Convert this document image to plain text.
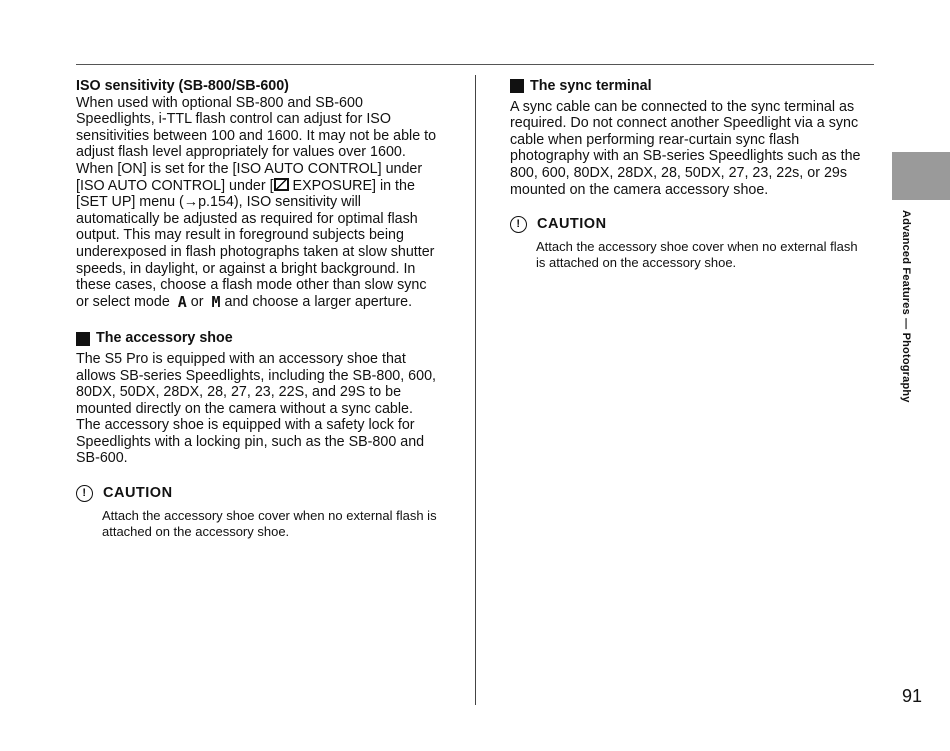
ISO sensitivity (SB-800/SB-600)

When used with optional SB-800 and SB-600 Speedlights, i-TTL flash control can adjust for ISO sensitivities between 100 and 1600. It may not be able to adjust flash level appropriately for values over 1600. When [ON] is set for the [ISO AUTO CONTROL] under [ISO AUTO CONTROL] under [ EXPOSURE] in the [SET UP] menu (→p.154), ISO sensitivity will automatically be adjusted as required for optimal flash output. This may result in foreground subjects being underexposed in flash photographs taken at slow shutter speeds, in daylight, or against a bright background. In these cases, choose a flash mode other than slow sync or select mode A or M and choose a larger aperture.

The accessory shoe

The S5 Pro is equipped with an accessory shoe that allows SB-series Speedlights, including the SB-800, 600, 80DX, 50DX, 28DX, 28, 27, 23, 22S, and 29S to be mounted directly on the camera without a sync cable. The accessory shoe is equipped with a safety lock for Speedlights with a locking pin, such as the SB-800 and SB-600.

!	CAUTION

Attach the accessory shoe cover when no external flash is attached on the accessory shoe.

The sync terminal

A sync cable can be connected to the sync terminal as required. Do not connect another Speedlight via a sync cable when performing rear-curtain sync flash photography with an SB-series Speedlights such as the 800, 600, 80DX, 28DX, 28, 50DX, 27, 23, 22s, or 29s mounted on the camera accessory shoe.

!	CAUTION

Attach the accessory shoe cover when no external flash is attached on the accessory shoe.	Advanced Features — Photography
91
